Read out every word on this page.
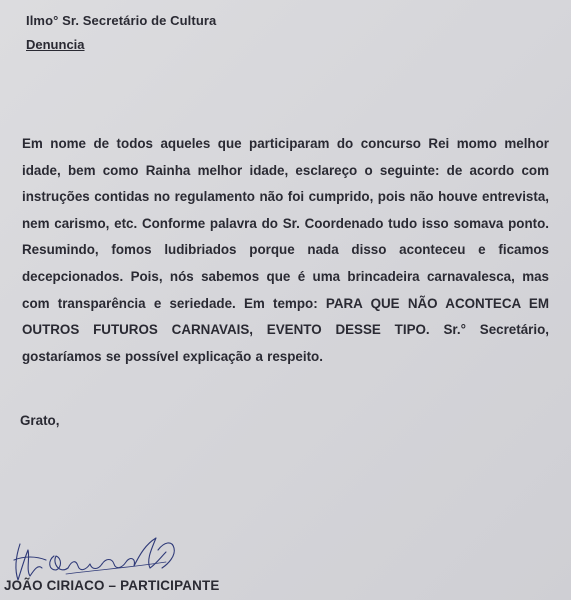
Ilmo° Sr. Secretário de Cultura
Denuncia
Em nome de todos aqueles que participaram do concurso Rei momo melhor idade, bem como Rainha melhor idade, esclareço o seguinte: de acordo com instruções contidas no regulamento não foi cumprido, pois não houve entrevista, nem carismo, etc. Conforme palavra do Sr. Coordenado tudo isso somava ponto. Resumindo, fomos ludibriados porque nada disso aconteceu e ficamos decepcionados. Pois, nós sabemos que é uma brincadeira carnavalesca, mas com transparência e seriedade. Em tempo: PARA QUE NÃO ACONTECA EM OUTROS FUTUROS CARNAVAIS, EVENTO DESSE TIPO. Sr.° Secretário, gostaríamos se possível explicação a respeito.
Grato,
JOÃO CIRIACO – PARTICIPANTE
